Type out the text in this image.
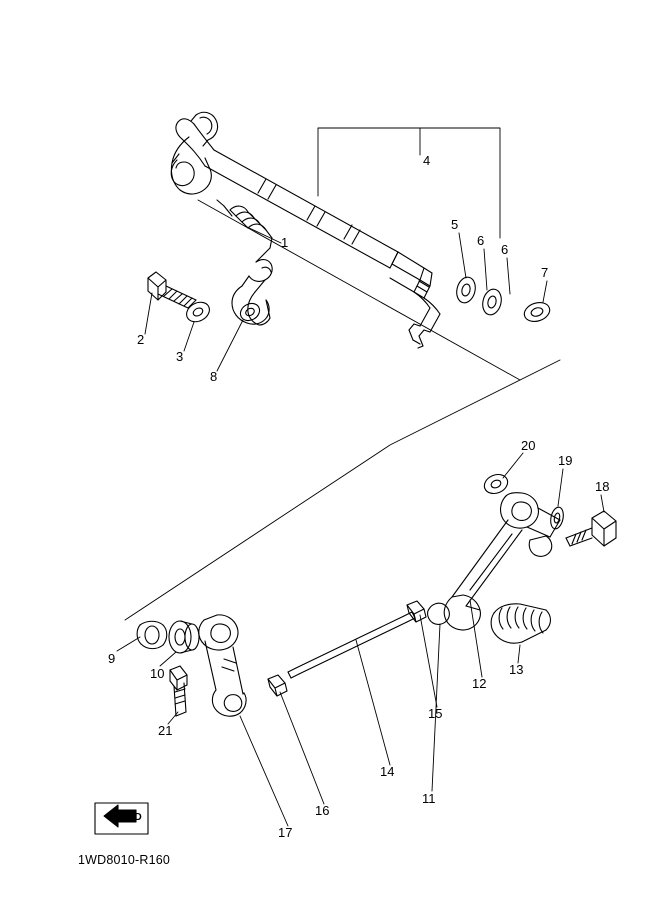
1
2
3
4
5
6
6
7
8
9
10
11
12
13
14
15
16
17
18
19
20
21
FWD
1WD8010-R160
